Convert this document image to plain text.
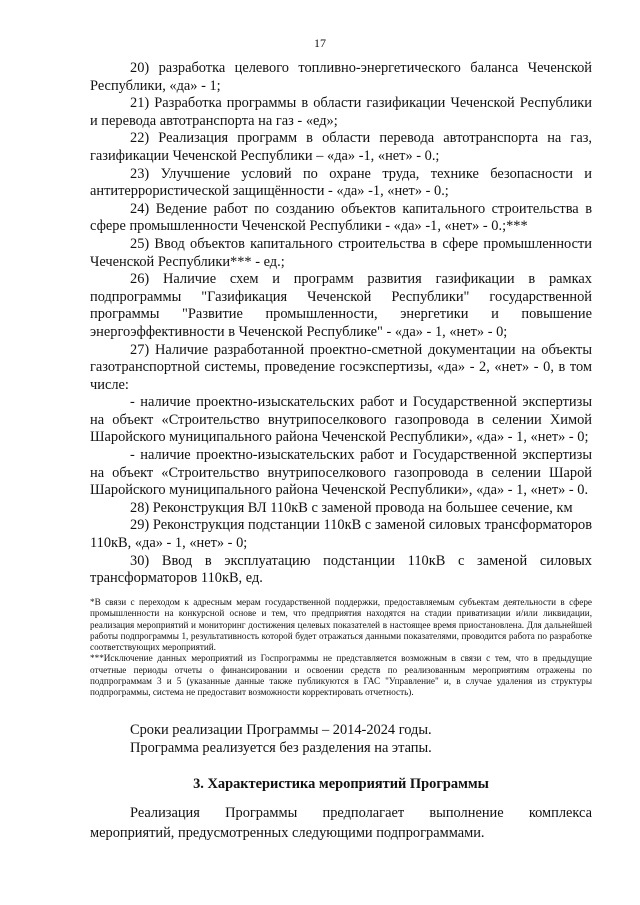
17

20) разработка целевого топливно-энергетического баланса Чеченской Республики, «да» - 1;

21) Разработка программы в области газификации Чеченской Республики и перевода автотранспорта на газ - «ед»;

22) Реализация программ в области перевода автотранспорта на газ, газификации Чеченской Республики – «да» -1, «нет» - 0.;

23) Улучшение условий по охране труда, технике безопасности и антитеррористической защищённости - «да» -1, «нет» - 0.;

24) Ведение работ по созданию объектов капитального строительства в сфере промышленности Чеченской Республики - «да» -1, «нет» - 0.;***

25) Ввод объектов капитального строительства в сфере промышленности Чеченской Республики*** - ед.;

26) Наличие схем и программ развития газификации в рамках подпрограммы "Газификация Чеченской Республики" государственной программы "Развитие промышленности, энергетики и повышение энергоэффективности в Чеченской Республике" - «да» - 1, «нет» - 0;

27) Наличие разработанной проектно-сметной документации на объекты газотранспортной системы, проведение госэкспертизы, «да» - 2, «нет» - 0, в том числе:

- наличие проектно-изыскательских работ и Государственной экспертизы на объект «Строительство внутрипоселкового газопровода в селении Химой Шаройского муниципального района Чеченской Республики», «да» - 1, «нет» - 0;

- наличие проектно-изыскательских работ и Государственной экспертизы на объект «Строительство внутрипоселкового газопровода в селении Шарой Шаройского муниципального района Чеченской Республики», «да» - 1, «нет» - 0.

28) Реконструкция ВЛ 110кВ с заменой провода на большее сечение, км

29) Реконструкция подстанции 110кВ с заменой силовых трансформаторов 110кВ, «да» - 1, «нет» - 0;

30) Ввод в эксплуатацию подстанции 110кВ с заменой силовых трансформаторов 110кВ, ед.

*В связи с переходом к адресным мерам государственной поддержки, предоставляемым субъектам деятельности в сфере промышленности на конкурсной основе и тем, что предприятия находятся на стадии приватизации и/или ликвидации, реализация мероприятий и мониторинг достижения целевых показателей в настоящее время приостановлена. Для дальнейшей работы подпрограммы 1, результативность которой будет отражаться данными показателями, проводится работа по разработке соответствующих мероприятий.

***Исключение данных мероприятий из Госпрограммы не представляется возможным в связи с тем, что в предыдущие отчетные периоды отчеты о финансировании и освоении средств по реализованным мероприятиям отражены по подпрограммам 3 и 5 (указанные данные также публикуются в ГАС "Управление" и, в случае удаления из структуры подпрограммы, система не предоставит возможности корректировать отчетность).

Сроки реализации Программы – 2014-2024 годы.

Программа реализуется без разделения на этапы.

3. Характеристика мероприятий Программы

Реализация Программы предполагает выполнение комплекса мероприятий, предусмотренных следующими подпрограммами.
